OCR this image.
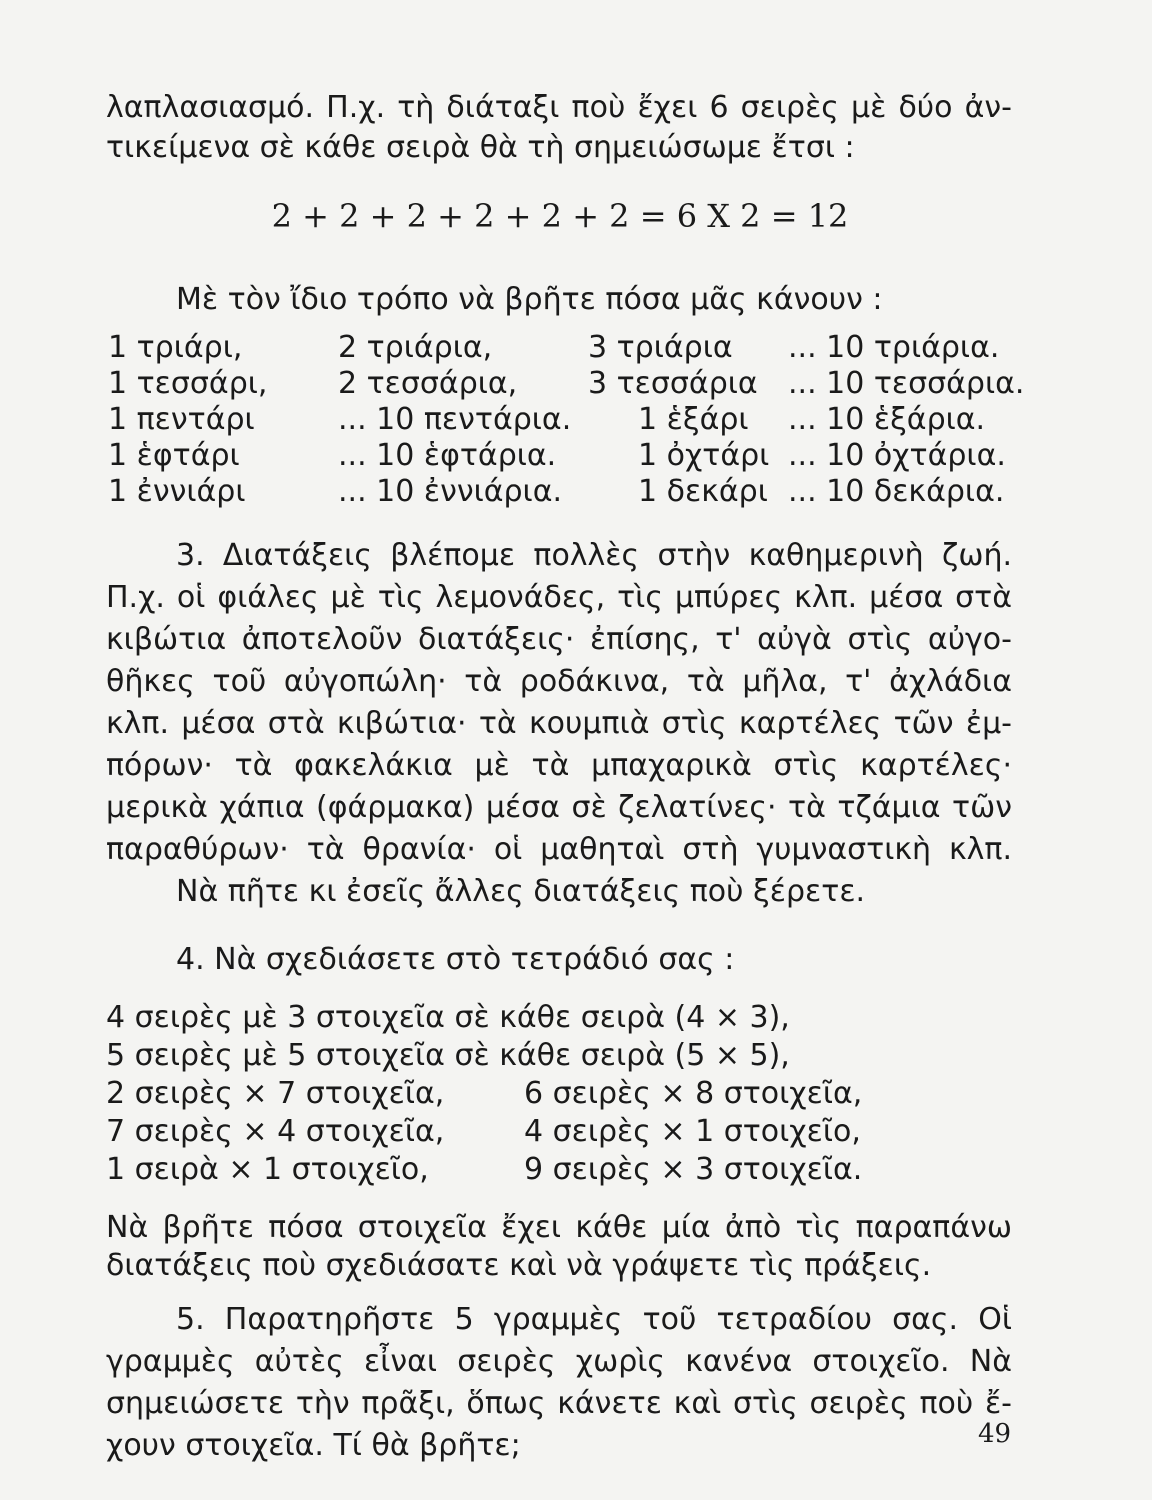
λαπλασιασμό. Π.χ. τὴ διάταξι ποὺ ἔχει 6 σειρὲς μὲ δύο ἀν-
τικείμενα σὲ κάθε σειρὰ θὰ τὴ σημειώσωμε ἔτσι :
2 + 2 + 2 + 2 + 2 + 2 = 6 X 2 = 12
Μὲ τὸν ἴδιο τρόπο νὰ βρῆτε πόσα μᾶς κάνουν :
1 τριάρι,	2 τριάρια,	3 τριάρια ... 10 τριάρια.
1 τεσσάρι, 2 τεσσάρια, 3 τεσσάρια ... 10 τεσσάρια.
1 πεντάρι	... 10 πεντάρια. 1 ἑξάρι ... 10 ἑξάρια.
1 ἑφτάρι	... 10 ἑφτάρια.	1 ὀχτάρι ... 10 ὀχτάρια.
1 ἐννιάρι	... 10 ἐννιάρια.	1 δεκάρι ... 10 δεκάρια.
3. Διατάξεις βλέπομε πολλὲς στὴν καθημερινὴ ζωή.
Π.χ. οἱ φιάλες μὲ τὶς λεμονάδες, τὶς μπύρες κλπ. μέσα στὰ
κιβώτια ἀποτελοῦν διατάξεις· ἐπίσης, τ' αὐγὰ στὶς αὐγο-
θῆκες τοῦ αὐγοπώλη· τὰ ροδάκινα, τὰ μῆλα, τ' ἀχλάδια
κλπ. μέσα στὰ κιβώτια· τὰ κουμπιὰ στὶς καρτέλες τῶν ἐμ-
πόρων· τὰ φακελάκια μὲ τὰ μπαχαρικὰ στὶς καρτέλες·
μερικὰ χάπια (φάρμακα) μέσα σὲ ζελατίνες· τὰ τζάμια τῶν
παραθύρων· τὰ θρανία· οἱ μαθηταὶ στὴ γυμναστικὴ κλπ.
Νὰ πῆτε κι ἐσεῖς ἄλλες διατάξεις ποὺ ξέρετε.
4. Νὰ σχεδιάσετε στὸ τετράδιό σας :
4 σειρὲς μὲ 3 στοιχεῖα σὲ κάθε σειρὰ (4 × 3),
5 σειρὲς μὲ 5 στοιχεῖα σὲ κάθε σειρὰ (5 × 5),
2 σειρὲς × 7 στοιχεῖα,	6 σειρὲς × 8 στοιχεῖα,
7 σειρὲς × 4 στοιχεῖα,	4 σειρὲς × 1 στοιχεῖο,
1 σειρὰ × 1 στοιχεῖο,	9 σειρὲς × 3 στοιχεῖα.
Νὰ βρῆτε πόσα στοιχεῖα ἔχει κάθε μία ἀπὸ τὶς παραπάνω
διατάξεις ποὺ σχεδιάσατε καὶ νὰ γράψετε τὶς πράξεις.
5. Παρατηρῆστε 5 γραμμὲς τοῦ τετραδίου σας. Οἱ
γραμμὲς αὐτὲς εἶναι σειρὲς χωρὶς κανένα στοιχεῖο. Νὰ
σημειώσετε τὴν πρᾶξι, ὅπως κάνετε καὶ στὶς σειρὲς ποὺ ἔ-
χουν στοιχεῖα. Τί θὰ βρῆτε;	49
